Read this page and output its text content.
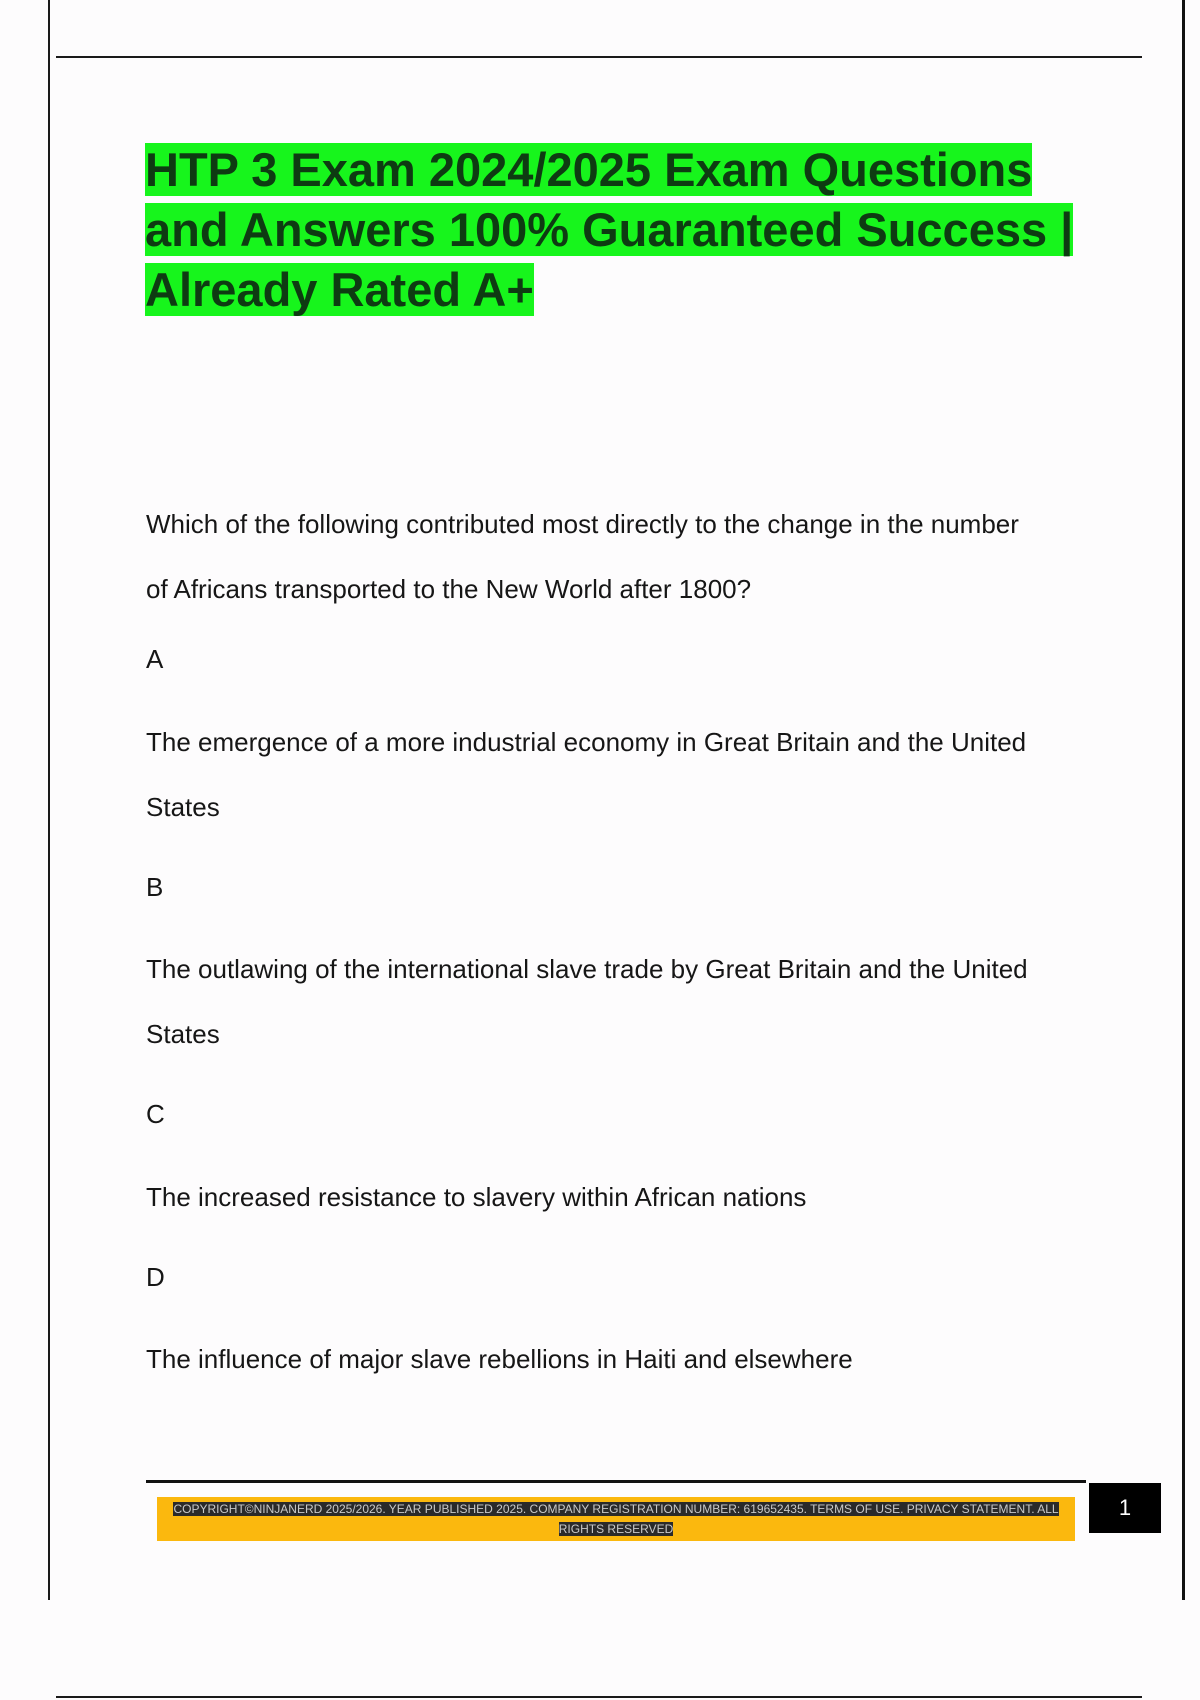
HTP 3 Exam 2024/2025 Exam Questions and Answers 100% Guaranteed Success | Already Rated A+

Which of the following contributed most directly to the change in the number of Africans transported to the New World after 1800?

A

The emergence of a more industrial economy in Great Britain and the United States

B

The outlawing of the international slave trade by Great Britain and the United States

C

The increased resistance to slavery within African nations

D

The influence of major slave rebellions in Haiti and elsewhere

COPYRIGHT©NINJANERD 2025/2026. YEAR PUBLISHED 2025. COMPANY REGISTRATION NUMBER: 619652435. TERMS OF USE. PRIVACY STATEMENT. ALL RIGHTS RESERVED
1
